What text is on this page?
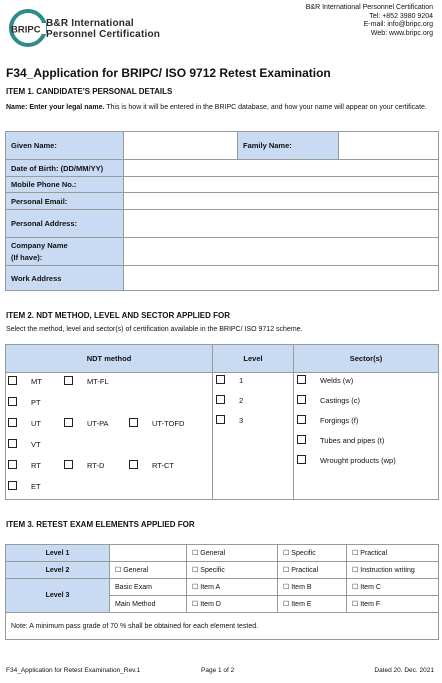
BRIPC
B&R International
Personnel Certification
B&R International Personnel Certification
Tel: +852 3980 9204
E-mail: info@bripc.org
Web: www.bripc.org
F34_Application for BRIPC/ ISO 9712 Retest Examination
ITEM 1. CANDIDATE'S PERSONAL DETAILS
Name: Enter your legal name. This is how it will be entered in the BRIPC database, and how your name will appear on your certificate.
Given Name:		Family Name:	
Date of Birth: (DD/MM/YY)			
Mobile Phone No.:			
Personal Email:			
Personal Address:			

Company Name
(If have):			

Work Address			
ITEM 2. NDT METHOD, LEVEL AND SECTOR APPLIED FOR
Select the method, level and sector(s) of certification available in the BRIPC/ ISO 9712 scheme.
NDT method	Level	Sector(s)

MT	MT-FL
PT
UT	UT-PA	UT-TOFD
VT
RT	RT-D	RT-CT
ET
1
2
3
Welds (w)
Castings (c)
Forgings (f)
Tubes and pipes (t)
Wrought products (wp)
ITEM 3. RETEST EXAM ELEMENTS APPLIED FOR
Level 1		☐ General	☐ Specific	☐ Practical
Level 2	☐ General	☐ Specific	☐ Practical	☐ Instruction writing
Level 3	Basic Exam	☐ Item A	☐ Item B	☐ Item C
	Main Method	☐ Item D	☐ Item E	☐ Item F
Note: A minimum pass grade of 70 % shall be obtained for each element tested.				
F34_Application for Retest Examination_Rev.1	Page 1 of 2	Dated 20. Dec. 2021
